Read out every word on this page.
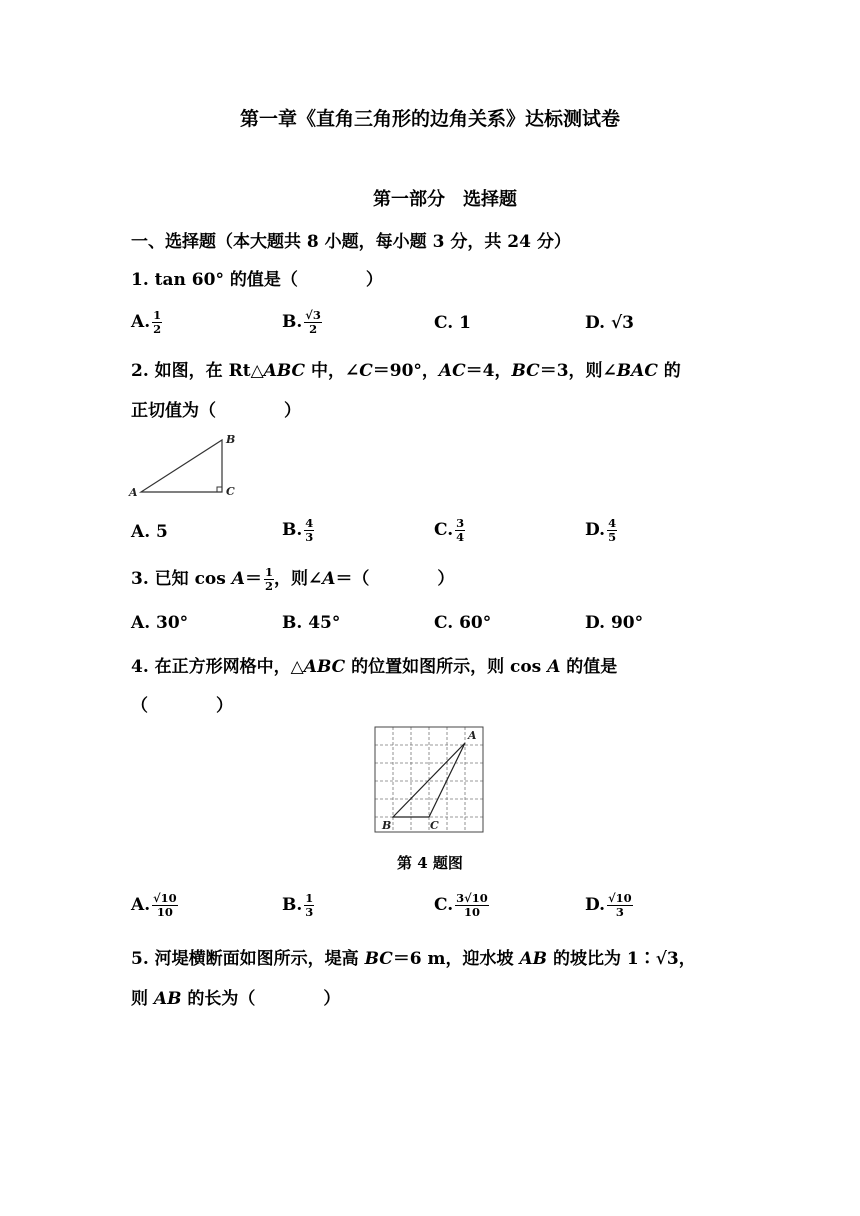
第一章《直角三角形的边角关系》达标测试卷
第一部分　选择题
一、选择题（本大题共 8 小题，每小题 3 分，共 24 分）
1. tan 60° 的值是（　　　　）
A. $\frac{1}{2}$	B. $\frac{√3}{2}$	C. 1	D. √3
2. 如图，在 Rt△ABC 中，∠C＝90°，AC＝4，BC＝3，则∠BAC 的
正切值为（　　　　）
A
B
C
A. 5	B. $\frac{4}{3}$	C. $\frac{3}{4}$	D. $\frac{4}{5}$
3. 已知 $\cos A= \frac{1}{2}$ ，则∠A＝（　　　　）
A. 30°	B. 45°	C. 60°	D. 90°
4. 在正方形网格中，△ABC 的位置如图所示，则 cos A 的值是
（　　　　）
A
B	C
第 4 题图
A. $\frac{√10}{10}$	B. $\frac{1}{3}$	C. $\frac{3√10}{10}$	D. $\frac{√10}{3}$
5. 河堤横断面如图所示，堤高 BC＝6 m，迎水坡 AB 的坡比为 1∶√3，
则 AB 的长为（　　　　）
